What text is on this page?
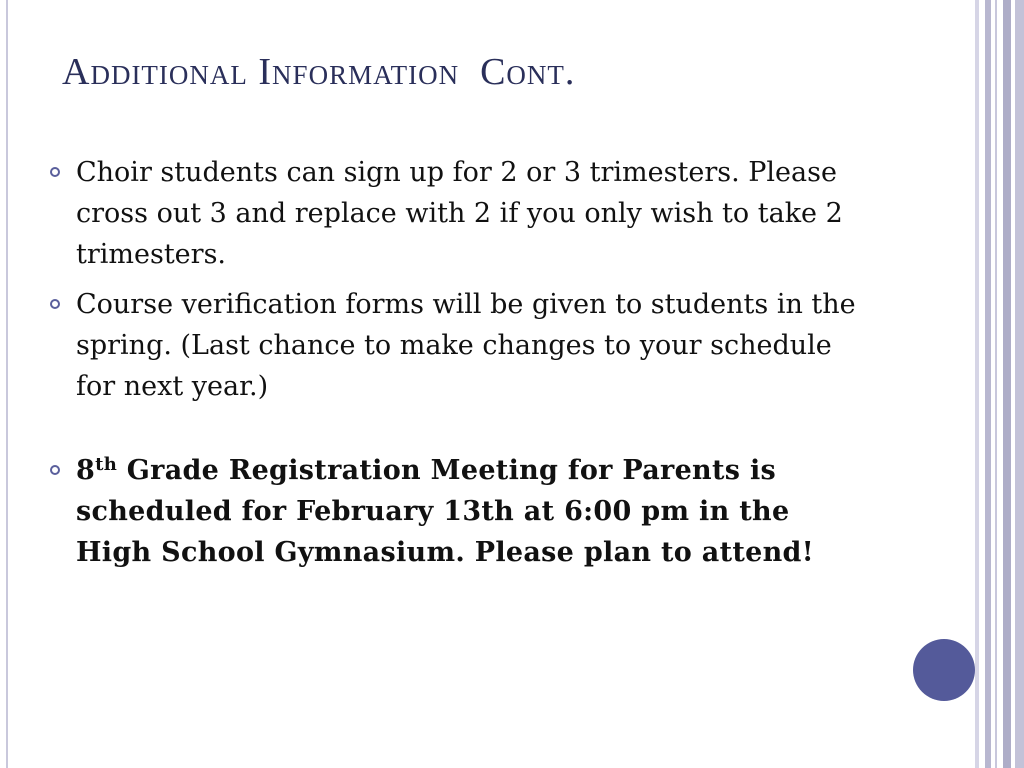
Additional Information  Cont.
Choir students can sign up for 2 or 3 trimesters. Please cross out 3 and replace with 2 if you only wish to take 2 trimesters.
Course verification forms will be given to students in the spring. (Last chance to make changes to your schedule for next year.)
8th Grade Registration Meeting for Parents is scheduled for February 13th at 6:00 pm in the High School Gymnasium. Please plan to attend!
